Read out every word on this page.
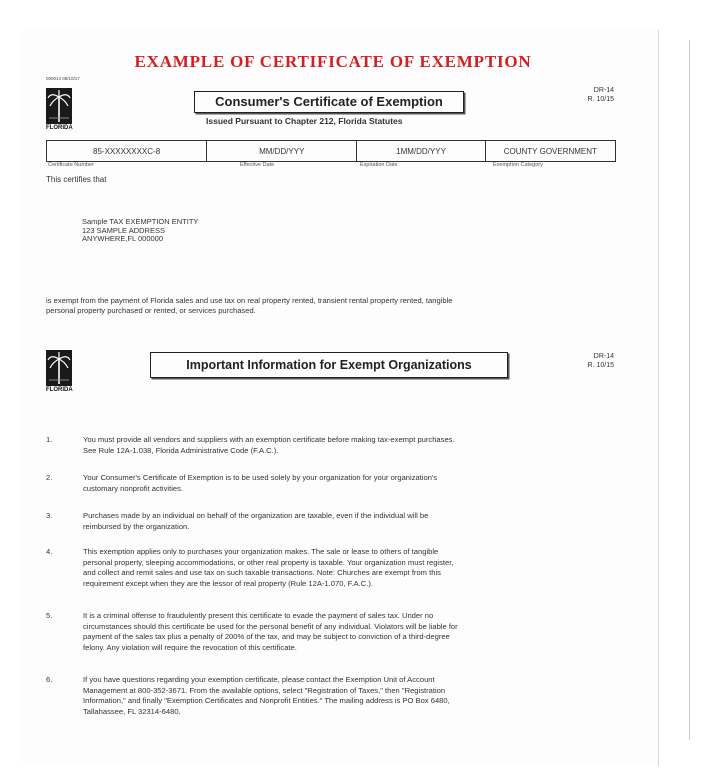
EXAMPLE OF CERTIFICATE OF EXEMPTION
000014 08/10/17
FLORIDA
DR-14
R. 10/15
Consumer's Certificate of Exemption
Issued Pursuant to Chapter 212, Florida Statutes
85-XXXXXXXXC-8	MM/DD/YYY	1MM/DD/YYY	COUNTY GOVERNMENT
Certificate Number	Effective Date	Expiration Date	Exemption Category
This certifies that
Sample TAX EXEMPTION ENTITY
123 SAMPLE ADDRESS
ANYWHERE,FL 000000
is exempt from the payment of Florida sales and use tax on real property rented, transient rental property rented, tangible
personal property purchased or rented, or services purchased.
FLORIDA
DR-14
R. 10/15
Important Information for Exempt Organizations
1.	You must provide all vendors and suppliers with an exemption certificate before making tax-exempt purchases.
See Rule 12A-1.038, Florida Administrative Code (F.A.C.).
2.	Your Consumer's Certificate of Exemption is to be used solely by your organization for your organization's
customary nonprofit activities.
3.	Purchases made by an individual on behalf of the organization are taxable, even if the individual will be
reimbursed by the organization.
4.	This exemption applies only to purchases your organization makes. The sale or lease to others of tangible
personal property, sleeping accommodations, or other real property is taxable. Your organization must register,
and collect and remit sales and use tax on such taxable transactions. Note: Churches are exempt from this
requirement except when they are the lessor of real property (Rule 12A-1.070, F.A.C.).
5.	It is a criminal offense to fraudulently present this certificate to evade the payment of sales tax. Under no
circumstances should this certificate be used for the personal benefit of any individual. Violators will be liable for
payment of the sales tax plus a penalty of 200% of the tax, and may be subject to conviction of a third-degree
felony. Any violation will require the revocation of this certificate.
6.	If you have questions regarding your exemption certificate, please contact the Exemption Unit of Account
Management at 800-352-3671. From the available options, select "Registration of Taxes," then "Registration
Information," and finally "Exemption Certificates and Nonprofit Entities." The mailing address is PO Box 6480,
Tallahassee, FL 32314-6480.
